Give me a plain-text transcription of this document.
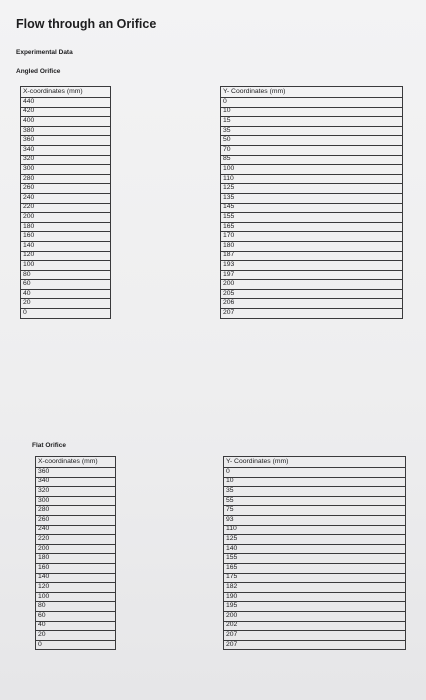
Flow through an Orifice
Experimental Data
Angled Orifice
X-coordinates (mm)		Y- Coordinates (mm)
440		0
420		10
400		15
380		35
360		50
340		70
320		85
300		100
280		110
260		125
240		135
220		145
200		155
180		165
160		170
140		180
120		187
100		193
80		197
60		200
40		205
20		206
0		207
Flat Orifice
X-coordinates (mm)		Y- Coordinates (mm)
360		0
340		10
320		35
300		55
280		75
260		93
240		110
220		125
200		140
180		155
160		165
140		175
120		182
100		190
80		195
60		200
40		202
20		207
0		207
